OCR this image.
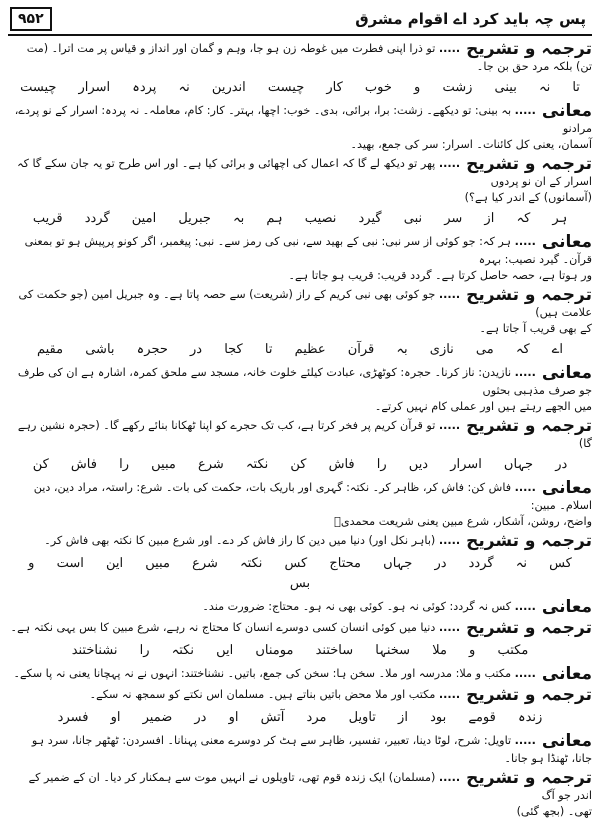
۹۵۲	پس چہ باید کرد اے اقوام مشرق
ترجمہ و تشریح..... تو ذرا اپنی فطرت میں غوطہ زن ہو جا، وہم و گمان اور انداز و قیاس پر مت اترا۔ (مت تن) بلکہ مرد حق بن جا۔
تا نہ بینی زشت و خوب کار چیست اندرین نہ پردہ اسرار چیست
معانی..... بہ بینی: تو دیکھے۔ زشت: برا، برائی، بدی۔ خوب: اچھا، بہتر۔ کار: کام، معاملہ۔ نہ پردہ: اسرار کے نو پردے، مرادنو
آسمان، یعنی کل کائنات۔ اسرار: سر کی جمع، بھید۔
ترجمہ و تشریح..... پھر تو دیکھ لے گا کہ اعمال کی اچھائی و برائی کیا ہے۔ اور اس طرح تو یہ جان سکے گا کہ اسرار کے ان نو پردوں
(آسمانوں) کے اندر کیا ہے؟)
ہر کہ از سر نبی گیرد نصیب ہم بہ جبریل امین گردد قریب
معانی..... ہر کہ: جو کوئی از سر نبی: نبی کے بھید سے، نبی کی رمز سے۔ نبی: پیغمبر، اگر کونو پرپیش ہو تو بمعنی قرآن۔ گیرد نصیب: بہرہ
ور ہوتا ہے، حصہ حاصل کرتا ہے۔ گردد قریب: قریب ہو جاتا ہے۔
ترجمہ و تشریح..... جو کوئی بھی نبی کریم کے راز (شریعت) سے حصہ پاتا ہے۔ وہ جبریل امین (جو حکمت کی علامت ہیں)
کے بھی قریب آ جاتا ہے۔
اے کہ می نازی بہ قرآن عظیم تا کجا در حجرہ باشی مقیم
معانی..... نازیدن: ناز کرنا۔ حجرہ: کوٹھڑی، عبادت کیلئے خلوت خانہ، مسجد سے ملحق کمرہ، اشارہ ہے ان کی طرف جو صرف مذہبی بحثوں
میں الجھے رہتے ہیں اور عملی کام نہیں کرتے۔
ترجمہ و تشریح..... تو قرآن کریم پر فخر کرتا ہے، کب تک حجرے کو اپنا ٹھکانا بنائے رکھے گا۔ (حجرہ نشین رہے گا)
در جہاں اسرار دیں را فاش کن نکتہ شرع مبیں را فاش کن
معانی..... فاش کن: فاش کر، ظاہر کر۔ نکتہ: گہری اور باریک بات، حکمت کی بات۔ شرع: راستہ، مراد دین، دین اسلام۔ مبین:
واضح، روشن، آشکار، شرع مبین یعنی شریعت محمدیؐ
ترجمہ و تشریح..... (باہر نکل اور) دنیا میں دین کا راز فاش کر دے۔ اور شرع مبین کا نکتہ بھی فاش کر۔
کس نہ گردد در جہاں محتاج کس نکتہ شرع مبیں این است و بس
معانی..... کس نہ گردد: کوئی نہ ہو۔ کوئی بھی نہ ہو۔ محتاج: ضرورت مند۔
ترجمہ و تشریح..... دنیا میں کوئی انسان کسی دوسرے انسان کا محتاج نہ رہے، شرع مبین کا بس یہی نکتہ ہے۔
مکتب و ملا سخنہا ساختند مومناں ایں نکتہ را نشناختند
معانی..... مکتب و ملا: مدرسہ اور ملا۔ سخن ہا: سخن کی جمع، باتیں۔ نشناختند: انہوں نے نہ پہچانا یعنی نہ پا سکے۔
ترجمہ و تشریح..... مکتب اور ملا محض باتیں بناتے ہیں۔ مسلمان اس نکتے کو سمجھ نہ سکے۔
زندہ قومے بود از تاویل مرد آتش او در ضمیر او فسرد
معانی..... تاویل: شرح، لوٹا دینا، تعبیر، تفسیر، ظاہر سے ہٹ کر دوسرے معنی پہنانا۔ افسردن: ٹھٹھر جانا، سرد ہو جانا، ٹھنڈا ہو جانا۔
ترجمہ و تشریح..... (مسلمان) ایک زندہ قوم تھی، تاویلوں نے انہیں موت سے ہمکنار کر دیا۔ ان کے ضمیر کے اندر جو آگ
تھی۔ (بجھ گئی)
